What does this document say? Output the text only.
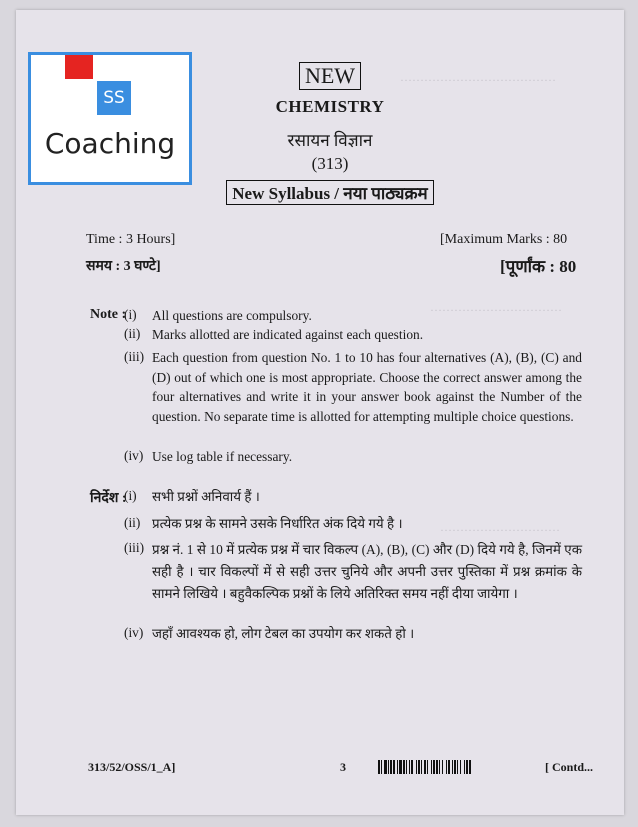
…………………………………
……………………………
…………………………
SS
Coaching
NEW
CHEMISTRY
रसायन विज्ञान
(313)
New Syllabus / नया पाठ्यक्रम
Time : 3 Hours]
समय : 3 घण्टे]
[Maximum Marks : 80
[पूर्णांक : 80
Note :
(i) All questions are compulsory.
(ii) Marks allotted are indicated against each question.
(iii) Each question from question No. 1 to 10 has four alternatives (A), (B), (C) and (D) out of which one is most appropriate. Choose the correct answer among the four alternatives and write it in your answer book against the Number of the question. No separate time is allotted for attempting multiple choice questions.
(iv) Use log table if necessary.
निर्देश :
(i) सभी प्रश्नों अनिवार्य हैं ।
(ii) प्रत्येक प्रश्न के सामने उसके निर्धारित अंक दिये गये है ।
(iii) प्रश्न नं. 1 से 10 में प्रत्येक प्रश्न में चार विकल्प (A), (B), (C) और (D) दिये गये है, जिनमें एक सही है । चार विकल्पों में से सही उत्तर चुनिये और अपनी उत्तर पुस्तिका में प्रश्न क्रमांक के सामने लिखिये । बहुवैकल्पिक प्रश्नों के लिये अतिरिक्त समय नहीं दीया जायेगा ।
(iv) जहाँ आवश्यक हो, लोग टेबल का उपयोग कर शकते हो ।
313/52/OSS/1_A]	3	[ Contd...
